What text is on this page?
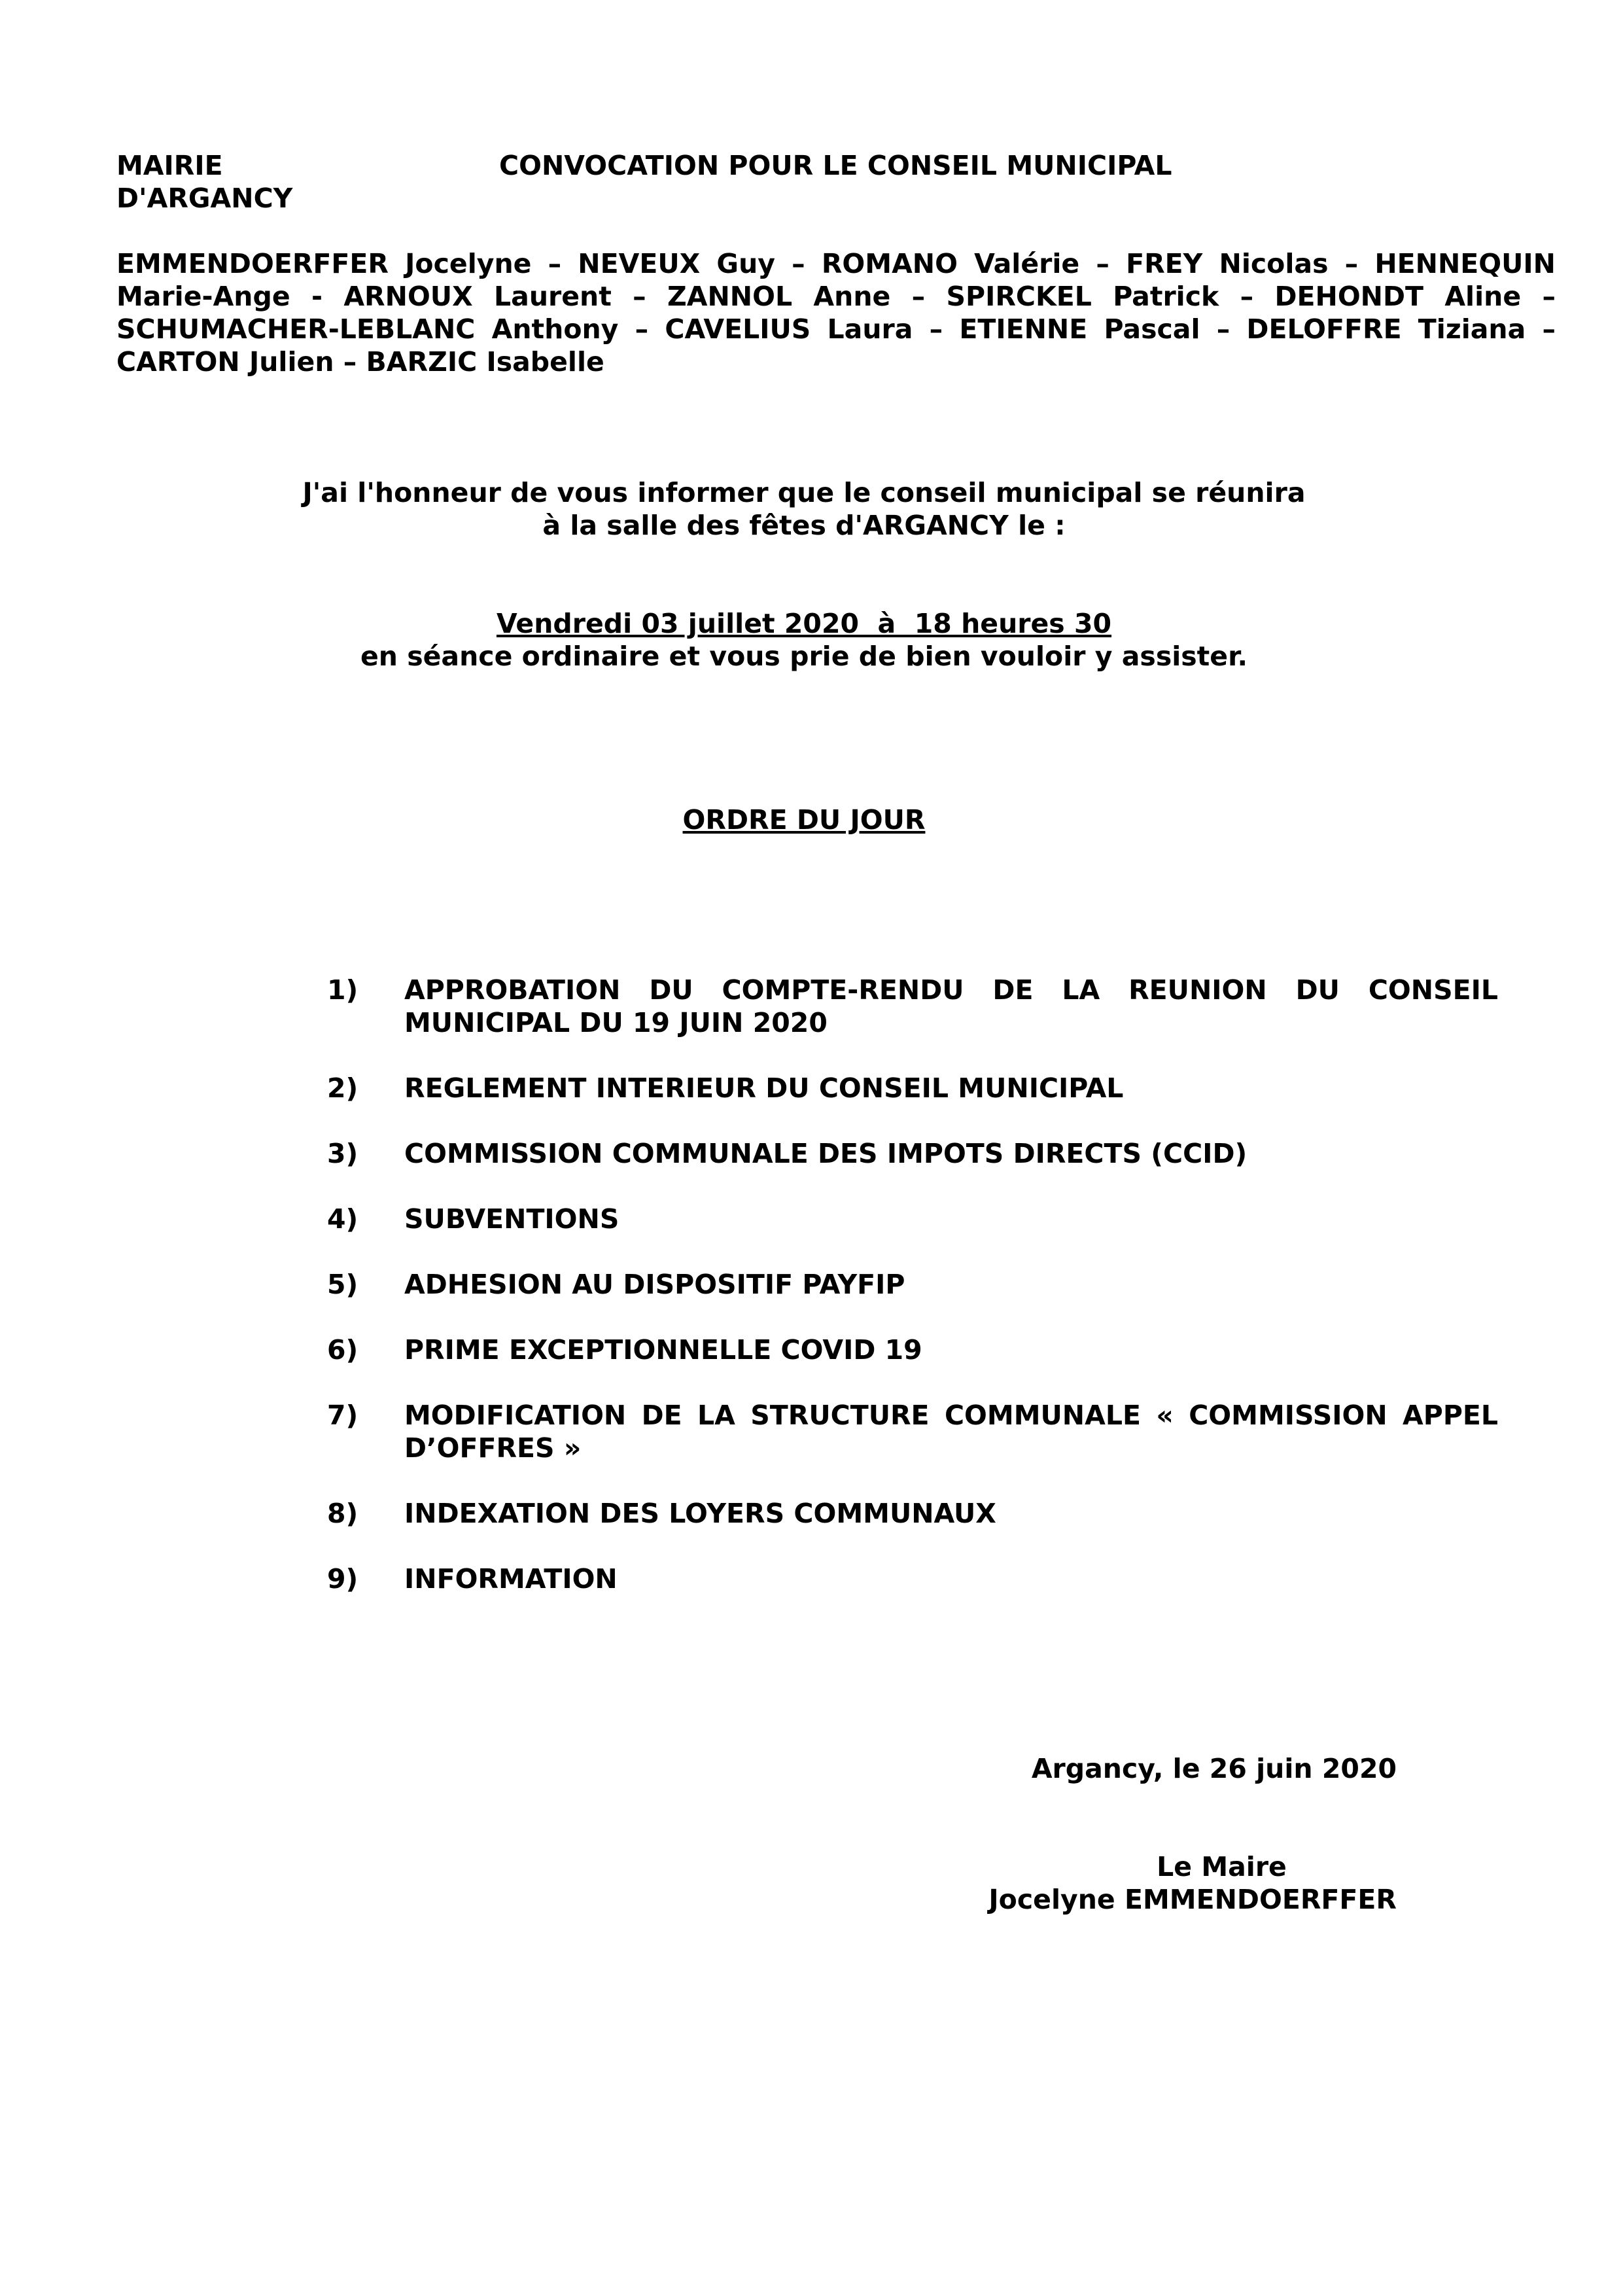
MAIRIE
D'ARGANCY
CONVOCATION POUR LE CONSEIL MUNICIPAL
EMMENDOERFFER Jocelyne – NEVEUX Guy – ROMANO Valérie – FREY Nicolas – HENNEQUIN
Marie-Ange - ARNOUX Laurent – ZANNOL Anne – SPIRCKEL Patrick – DEHONDT Aline –
SCHUMACHER-LEBLANC Anthony – CAVELIUS Laura – ETIENNE Pascal – DELOFFRE Tiziana –
CARTON Julien – BARZIC Isabelle
J'ai l'honneur de vous informer que le conseil municipal se réunira
à la salle des fêtes d'ARGANCY le :
Vendredi 03 juillet 2020  à  18 heures 30
en séance ordinaire et vous prie de bien vouloir y assister.
ORDRE DU JOUR
1)	APPROBATION DU COMPTE-RENDU DE LA REUNION DU CONSEIL MUNICIPAL DU 19 JUIN 2020
2)	REGLEMENT INTERIEUR DU CONSEIL MUNICIPAL
3)	COMMISSION COMMUNALE DES IMPOTS DIRECTS (CCID)
4)	SUBVENTIONS
5)	ADHESION AU DISPOSITIF PAYFIP
6)	PRIME EXCEPTIONNELLE COVID 19
7)	MODIFICATION DE LA STRUCTURE COMMUNALE « COMMISSION APPEL D’OFFRES »
8)	INDEXATION DES LOYERS COMMUNAUX
9)	INFORMATION
Argancy, le 26 juin 2020
Le Maire
Jocelyne EMMENDOERFFER
